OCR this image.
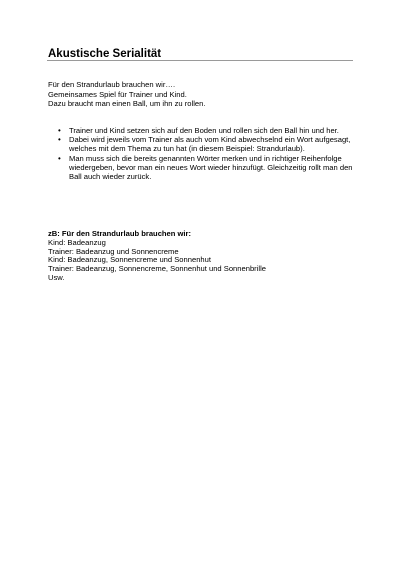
Akustische Serialität
Für den Strandurlaub brauchen wir….
Gemeinsames Spiel für Trainer und Kind.
Dazu braucht man einen Ball, um ihn zu rollen.
• Trainer und Kind setzen sich auf den Boden und rollen sich den Ball hin und her.
• Dabei wird jeweils vom Trainer als auch vom Kind abwechselnd ein Wort aufgesagt, welches mit dem Thema zu tun hat (in diesem Beispiel: Strandurlaub).
• Man muss sich die bereits genannten Wörter merken und in richtiger Reihenfolge wiedergeben, bevor man ein neues Wort wieder hinzufügt. Gleichzeitig rollt man den Ball auch wieder zurück.
zB: Für den Strandurlaub brauchen wir:
Kind: Badeanzug
Trainer: Badeanzug und Sonnencreme
Kind: Badeanzug, Sonnencreme und Sonnenhut
Trainer: Badeanzug, Sonnencreme, Sonnenhut und Sonnenbrille
Usw.
